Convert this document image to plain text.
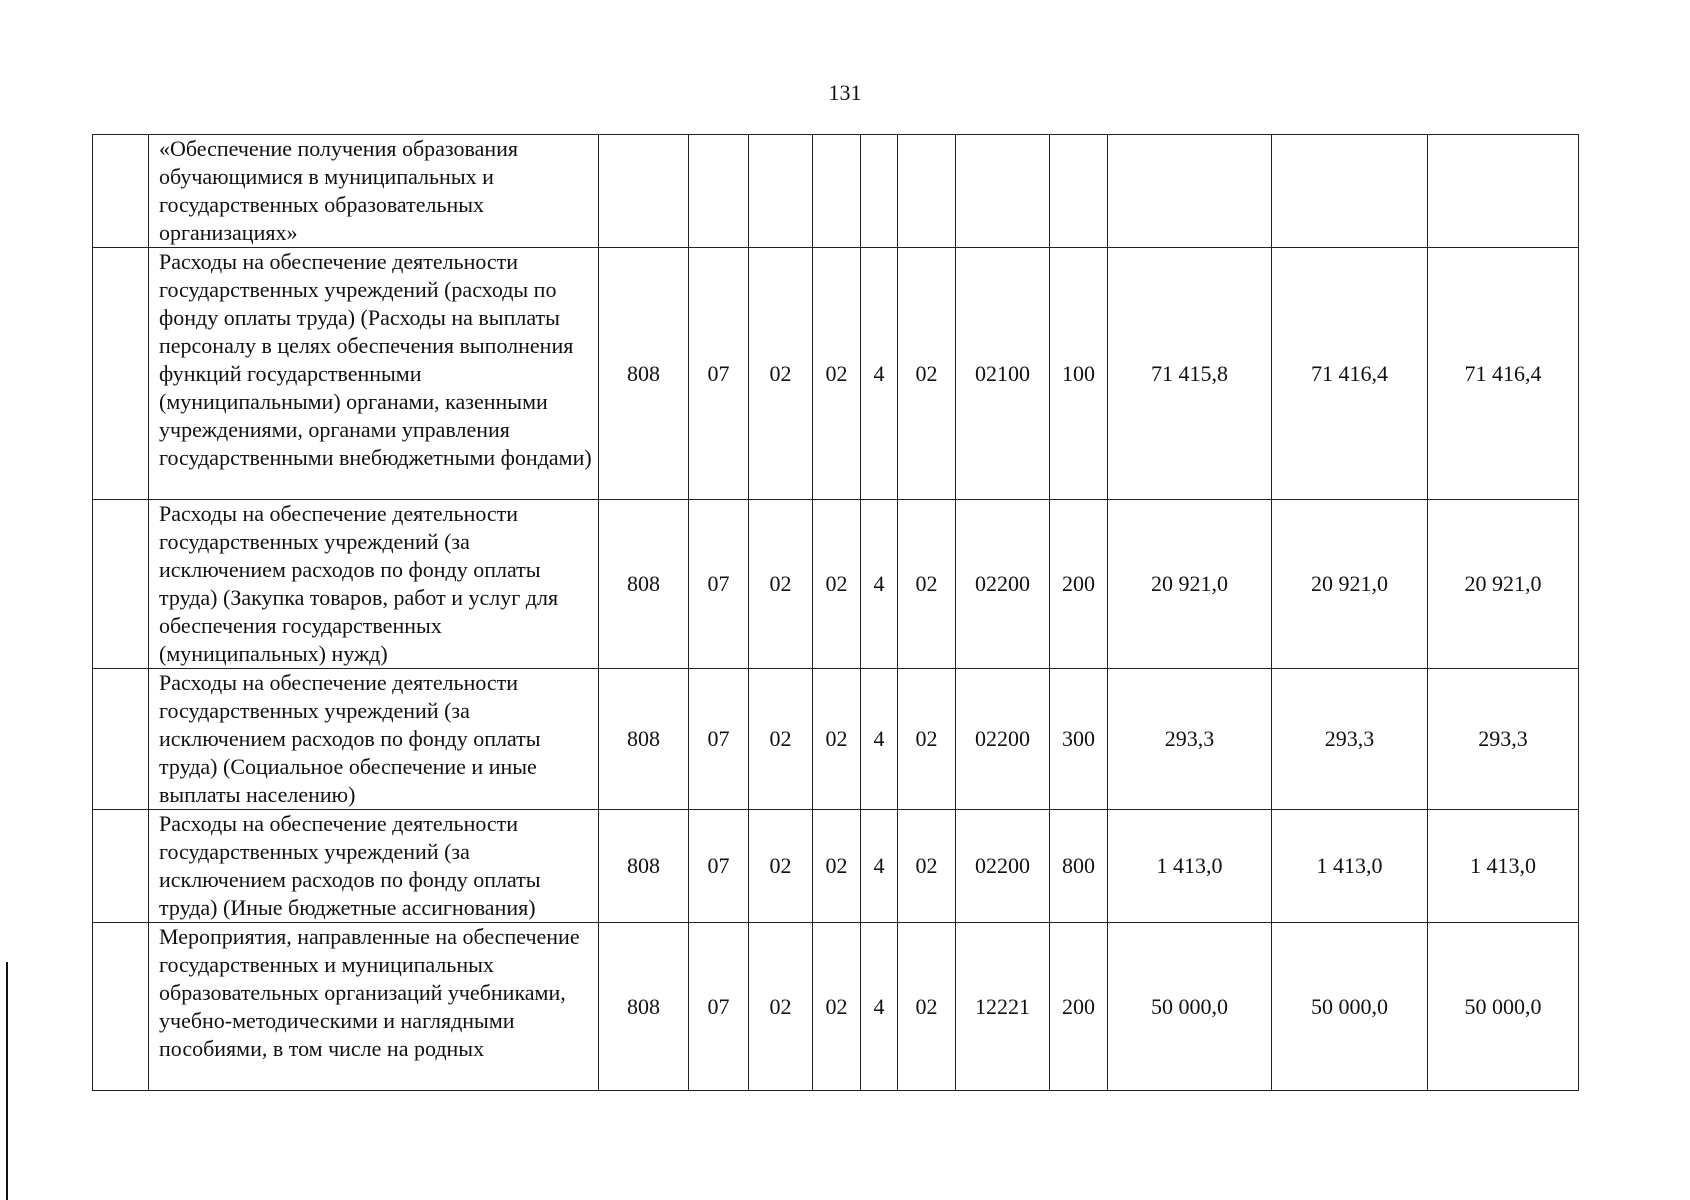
131
	«Обеспечение получения образования обучающимися в муниципальных и государственных образовательных организациях»											
	Расходы на обеспечение деятельности государственных учреждений (расходы по фонду оплаты труда) (Расходы на выплаты персоналу в целях обеспечения выполнения функций государственными (муниципальными) органами, казенными учреждениями, органами управления государственными внебюджетными фондами)	808	07	02	02	4	02	02100	100	71 415,8	71 416,4	71 416,4
	Расходы на обеспечение деятельности государственных учреждений (за исключением расходов по фонду оплаты труда) (Закупка товаров, работ и услуг для обеспечения государственных (муниципальных) нужд)	808	07	02	02	4	02	02200	200	20 921,0	20 921,0	20 921,0
	Расходы на обеспечение деятельности государственных учреждений (за исключением расходов по фонду оплаты труда) (Социальное обеспечение и иные выплаты населению)	808	07	02	02	4	02	02200	300	293,3	293,3	293,3
	Расходы на обеспечение деятельности государственных учреждений (за исключением расходов по фонду оплаты труда) (Иные бюджетные ассигнования)	808	07	02	02	4	02	02200	800	1 413,0	1 413,0	1 413,0
	Мероприятия, направленные на обеспечение государственных и муниципальных образовательных организаций учебниками, учебно-методическими и наглядными пособиями, в том числе на родных	808	07	02	02	4	02	12221	200	50 000,0	50 000,0	50 000,0
